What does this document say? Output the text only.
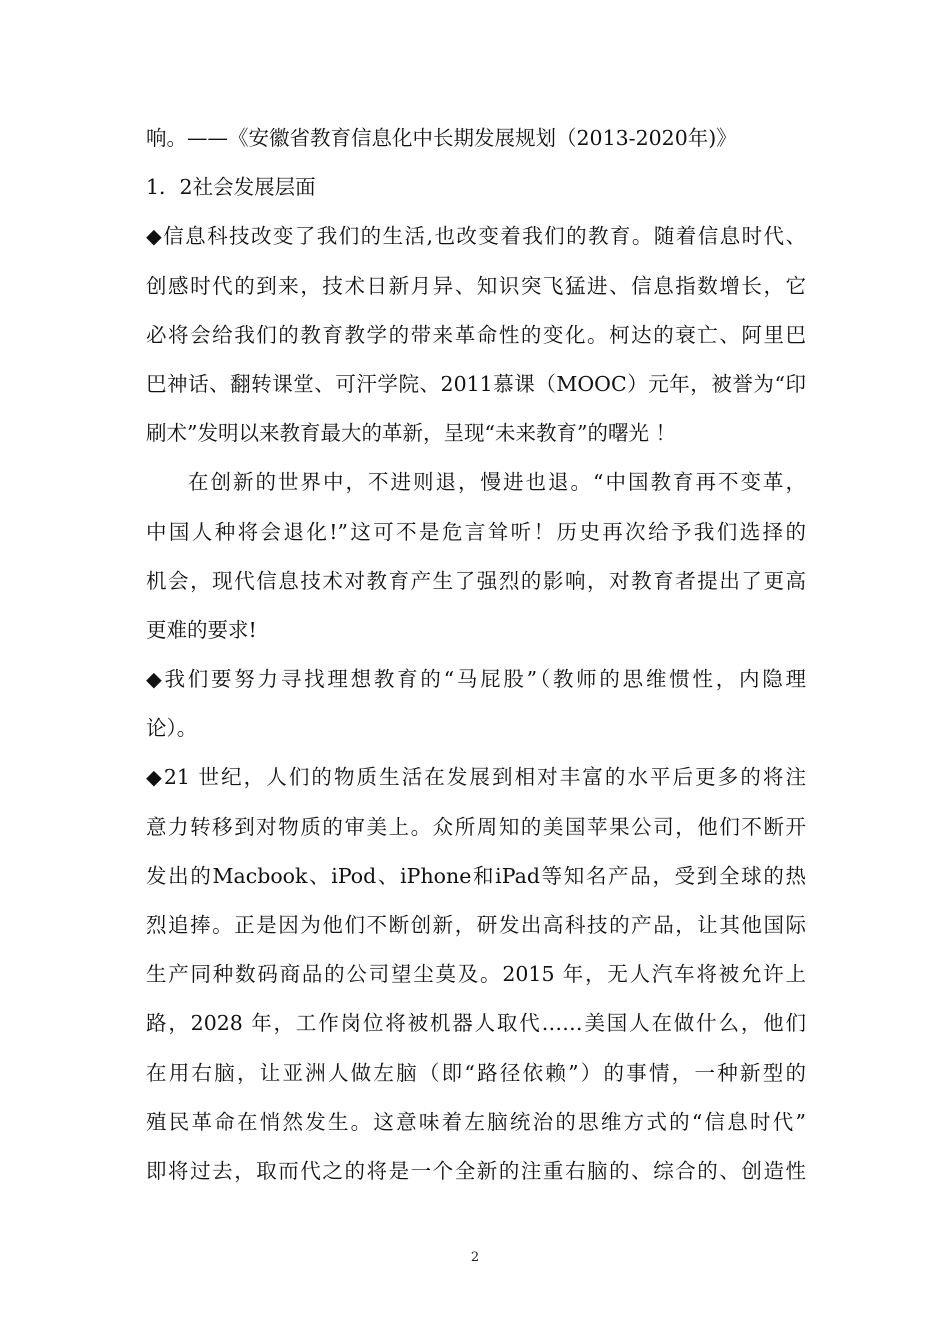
响。——《安徽省教育信息化中长期发展规划（2013-2020年)》
1．2社会发展层面
◆信息科技改变了我们的生活,也改变着我们的教育。随着信息时代、
创感时代的到来，技术日新月异、知识突飞猛进、信息指数增长，它
必将会给我们的教育教学的带来革命性的变化。柯达的衰亡、阿里巴
巴神话、翻转课堂、可汗学院、2011慕课（MOOC）元年，被誉为“印
刷术”发明以来教育最大的革新，呈现“未来教育”的曙光 ！
在创新的世界中，不进则退，慢进也退。“中国教育再不变革，
中国人种将会退化!”这可不是危言耸听！历史再次给予我们选择的
机会，现代信息技术对教育产生了强烈的影响，对教育者提出了更高
更难的要求!
◆我们要努力寻找理想教育的“马屁股”（教师的思维惯性，内隐理
论）。
◆21 世纪，人们的物质生活在发展到相对丰富的水平后更多的将注
意力转移到对物质的审美上。众所周知的美国苹果公司，他们不断开
发出的Macbook、iPod、iPhone和iPad等知名产品，受到全球的热
烈追捧。正是因为他们不断创新，研发出高科技的产品，让其他国际
生产同种数码商品的公司望尘莫及。2015 年，无人汽车将被允许上
路，2028 年，工作岗位将被机器人取代……美国人在做什么，他们
在用右脑，让亚洲人做左脑（即“路径依赖”）的事情，一种新型的
殖民革命在悄然发生。这意味着左脑统治的思维方式的“信息时代”
即将过去，取而代之的将是一个全新的注重右脑的、综合的、创造性
2
